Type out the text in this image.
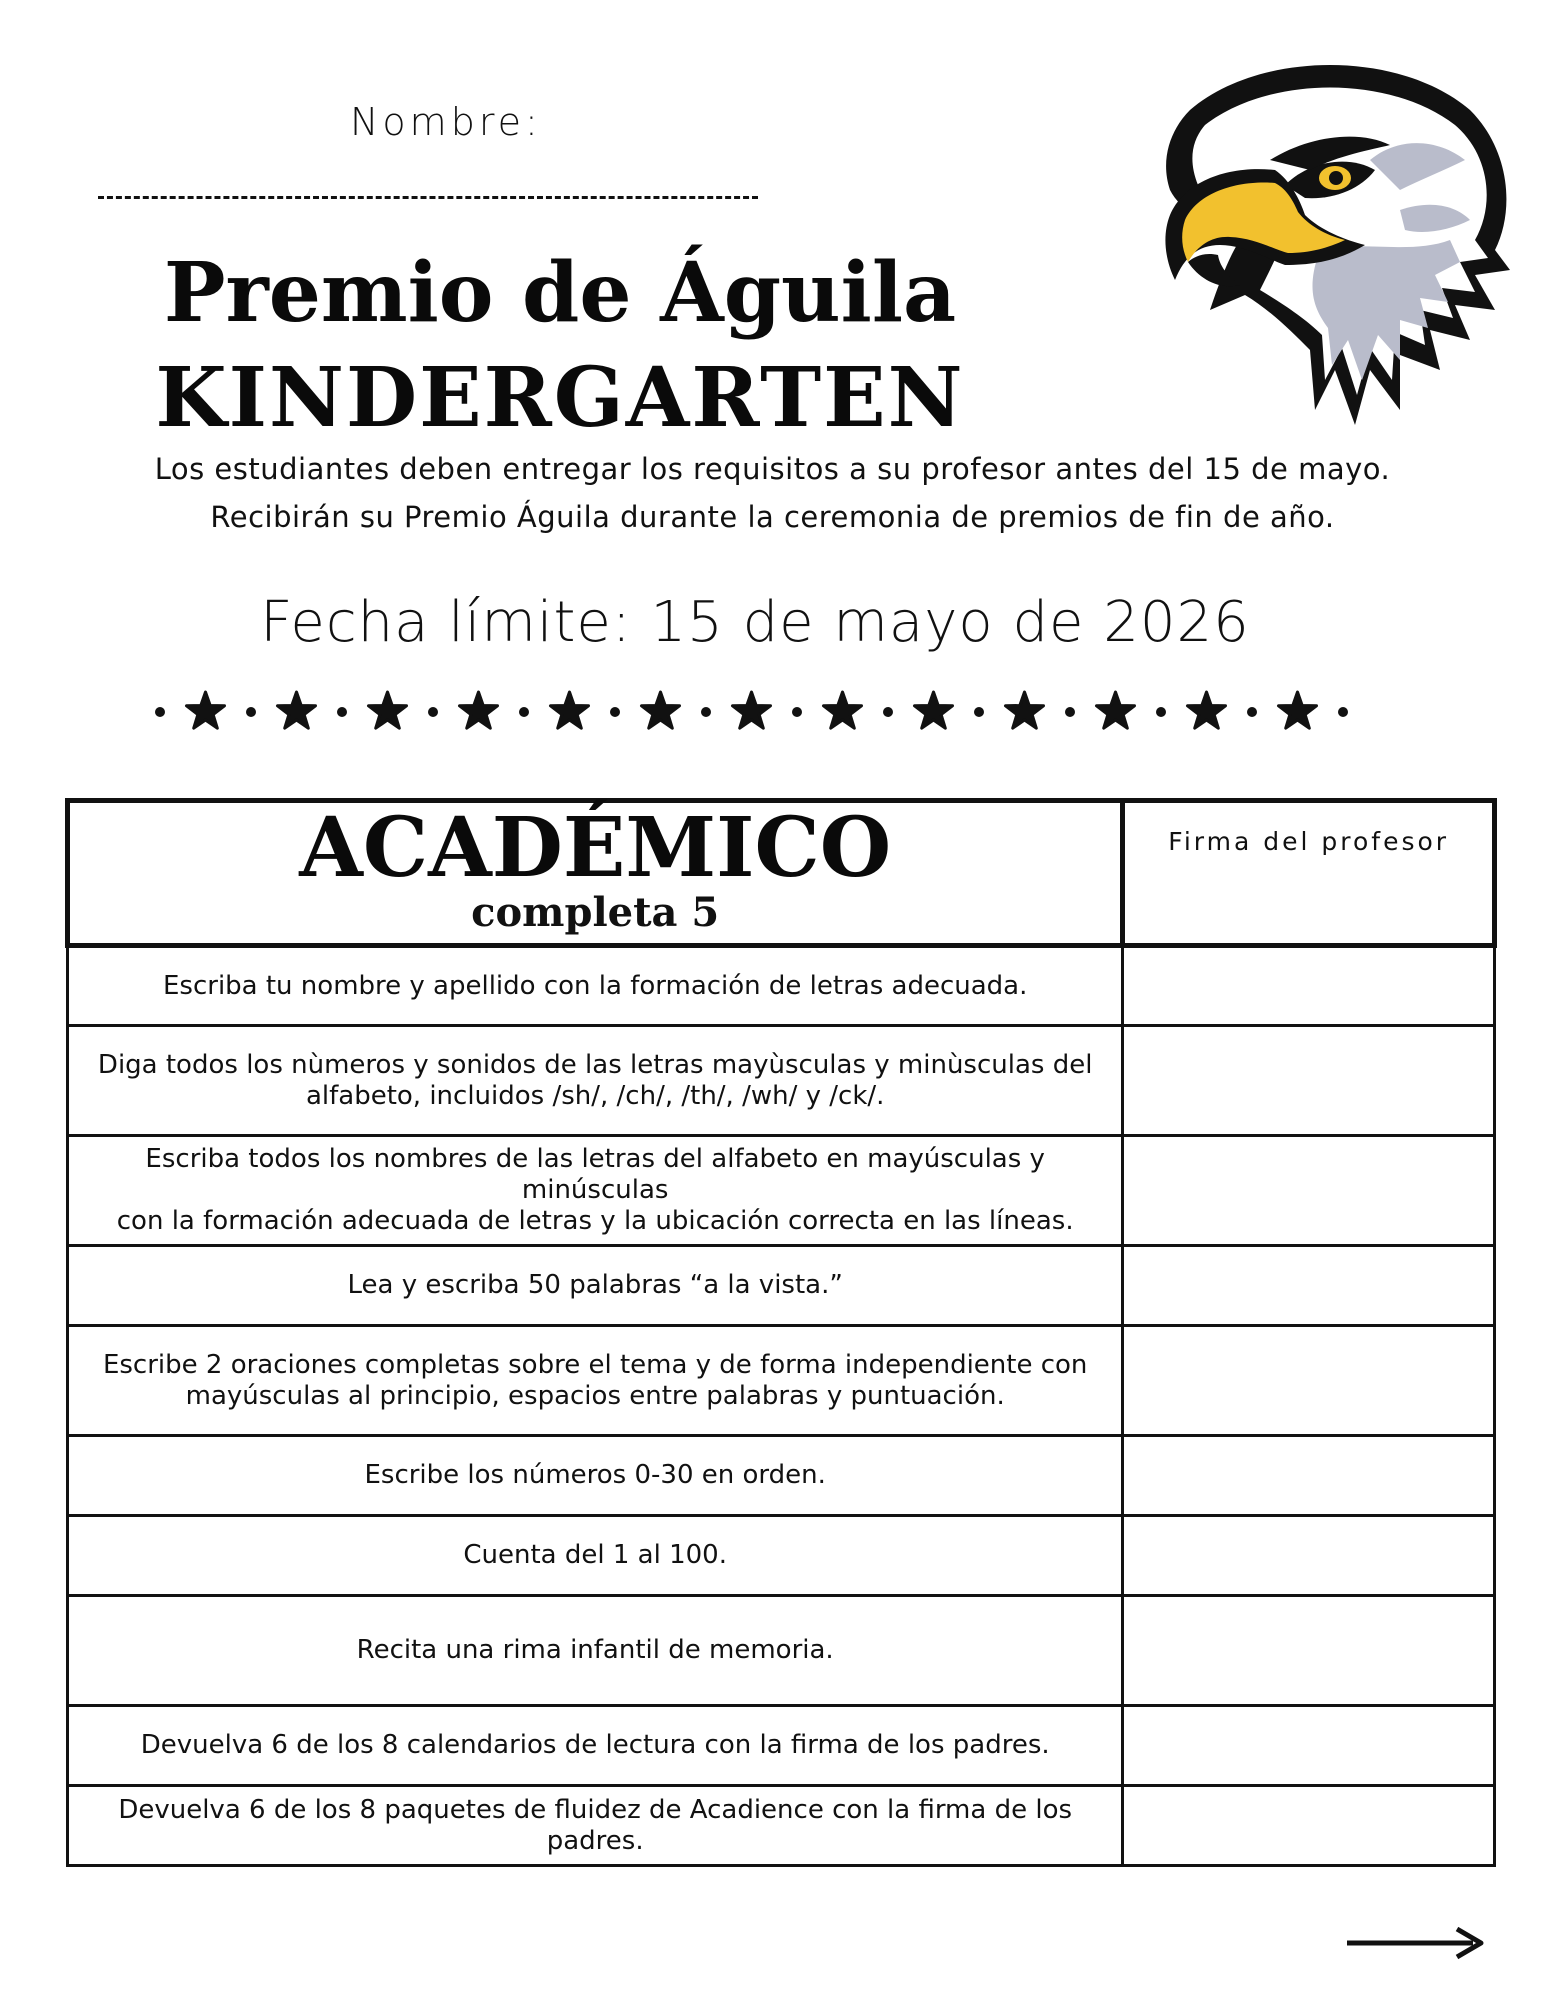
Nombre:
Premio de Águila
KINDERGARTEN
Los estudiantes deben entregar los requisitos a su profesor antes del 15 de mayo.
Recibirán su Premio Águila durante la ceremonia de premios de fin de año.
Fecha límite: 15 de mayo de 2026
ACADÉMICO
completa 5	Firma del profesor

Escriba tu nombre y apellido con la formación de letras adecuada.	

Diga todos los nùmeros y sonidos de las letras mayùsculas y minùsculas del
alfabeto, incluidos /sh/, /ch/, /th/, /wh/ y /ck/.	

Escriba todos los nombres de las letras del alfabeto en mayúsculas y minúsculas
con la formación adecuada de letras y la ubicación correcta en las líneas.	

Lea y escriba 50 palabras “a la vista.”	

Escribe 2 oraciones completas sobre el tema y de forma independiente con
mayúsculas al principio, espacios entre palabras y puntuación.	

Escribe los números 0-30 en orden.	

Cuenta del 1 al 100.	

Recita una rima infantil de memoria.	

Devuelva 6 de los 8 calendarios de lectura con la firma de los padres.	

Devuelva 6 de los 8 paquetes de fluidez de Acadience con la firma de los padres.	
